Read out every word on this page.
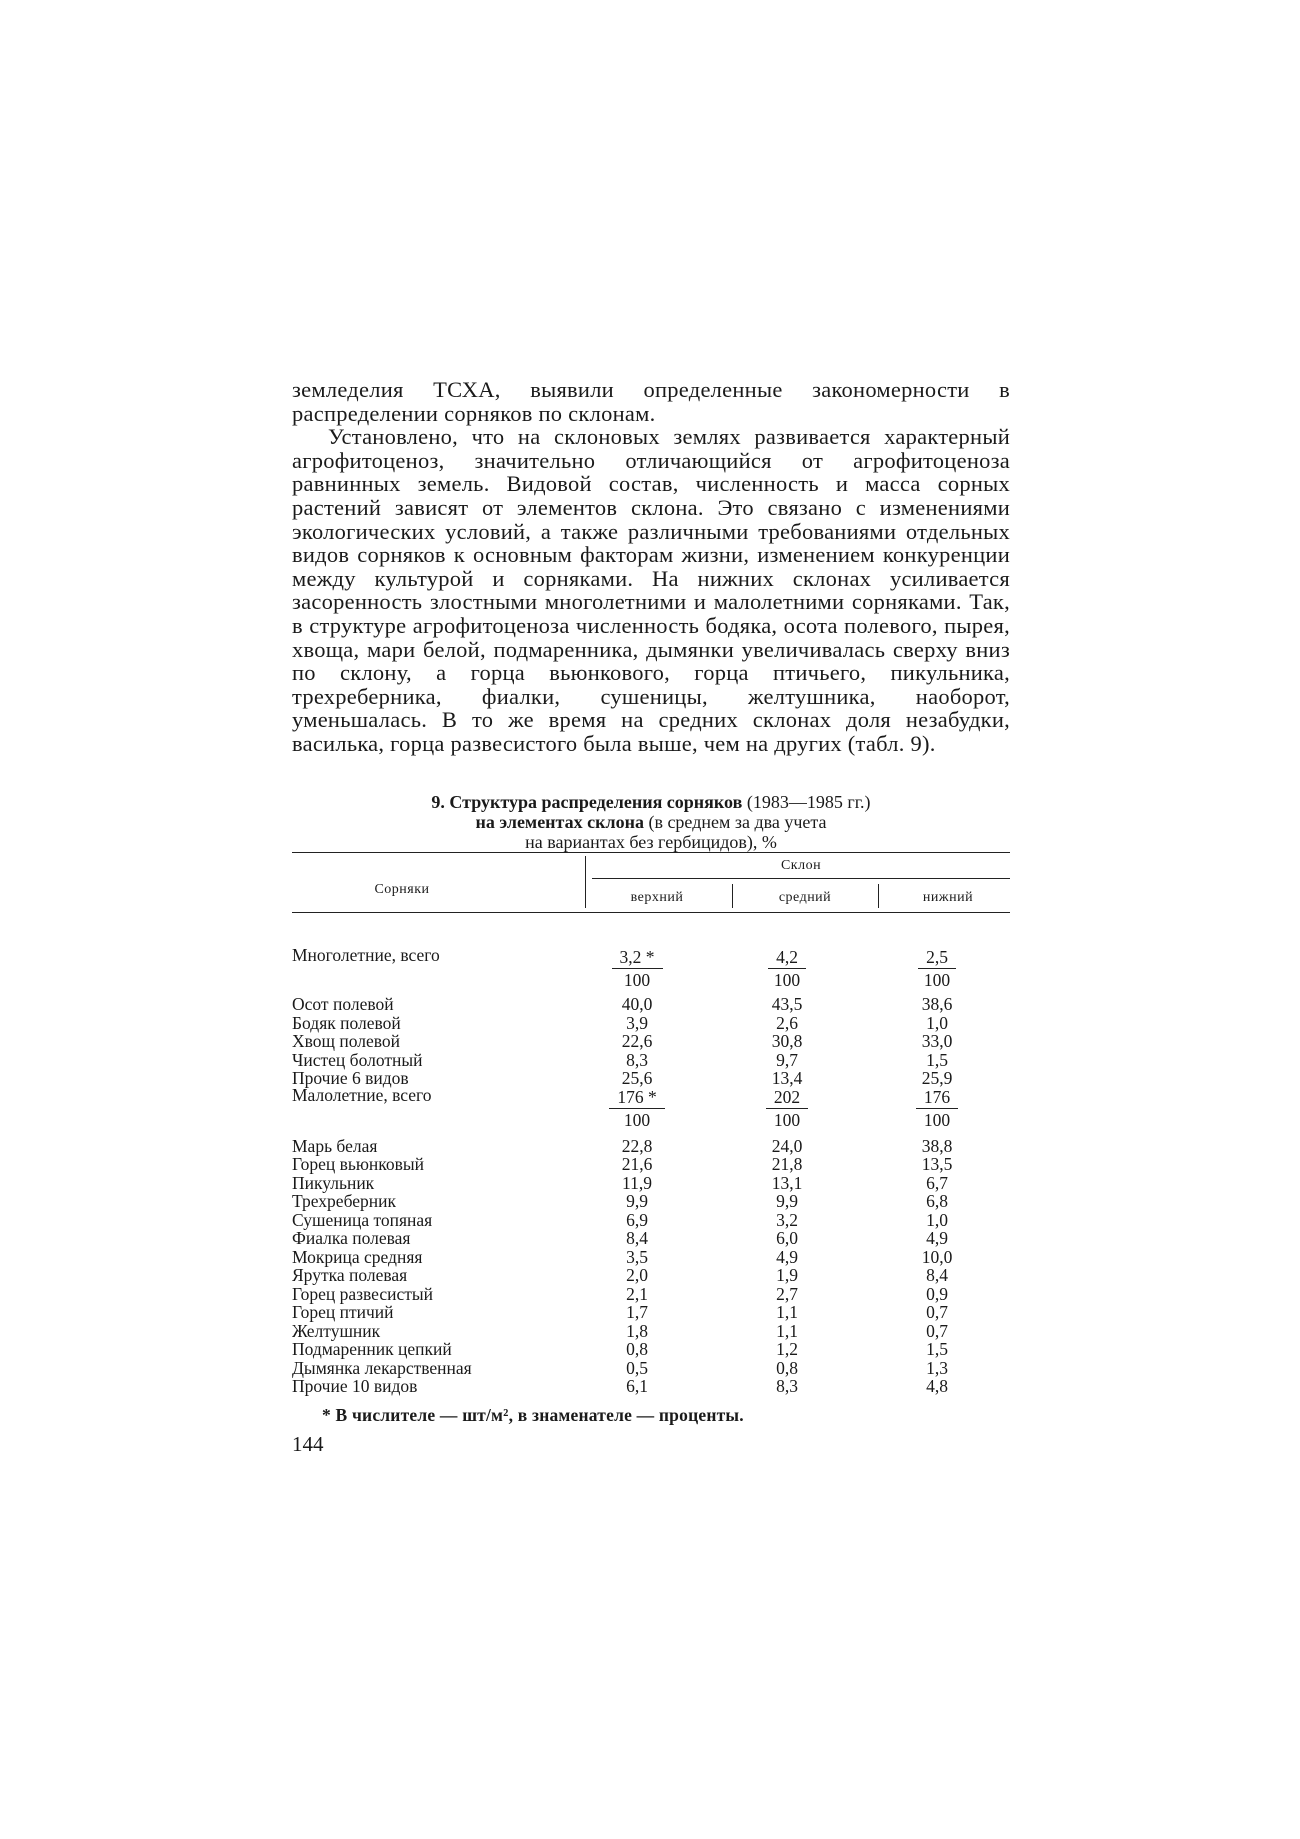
земледелия ТСХА, выявили определенные закономерности в распределении сорняков по склонам.

Установлено, что на склоновых землях развивается характерный агрофитоценоз, значительно отличающийся от агрофитоценоза равнинных земель. Видовой состав, численность и масса сорных растений зависят от элементов склона. Это связано с изменениями экологических условий, а также различными требованиями отдельных видов сорняков к основным факторам жизни, изменением конкуренции между культурой и сорняками. На нижних склонах усиливается засоренность злостными многолетними и малолетними сорняками. Так, в структуре агрофитоценоза численность бодяка, осота полевого, пырея, хвоща, мари белой, подмаренника, дымянки увеличивалась сверху вниз по склону, а горца вьюнкового, горца птичьего, пикульника, трехреберника, фиалки, сушеницы, желтушника, наоборот, уменьшалась. В то же время на средних склонах доля незабудки, василька, горца развесистого была выше, чем на других (табл. 9).

9. Структура распределения сорняков (1983—1985 гг.)
на элементах склона (в среднем за два учета
на вариантах без гербицидов), %
Сорняки
Склон
верхний	средний	нижний
Многолетние, всего	3,2 *	4,2	2,5
100	100	100
Осот полевой	40,0	43,5	38,6
Бодяк полевой	3,9	2,6	1,0
Хвощ полевой	22,6	30,8	33,0
Чистец болотный	8,3	9,7	1,5
Прочие 6 видов	25,6	13,4	25,9
Малолетние, всего	176 *	202	176
100	100	100
Марь белая	22,8	24,0	38,8
Горец вьюнковый	21,6	21,8	13,5
Пикульник	11,9	13,1	6,7
Трехреберник	9,9	9,9	6,8
Сушеница топяная	6,9	3,2	1,0
Фиалка полевая	8,4	6,0	4,9
Мокрица средняя	3,5	4,9	10,0
Ярутка полевая	2,0	1,9	8,4
Горец развесистый	2,1	2,7	0,9
Горец птичий	1,7	1,1	0,7
Желтушник	1,8	1,1	0,7
Подмаренник цепкий	0,8	1,2	1,5
Дымянка лекарственная	0,5	0,8	1,3
Прочие 10 видов	6,1	8,3	4,8
* В числителе — шт/м², в знаменателе — проценты.
144
